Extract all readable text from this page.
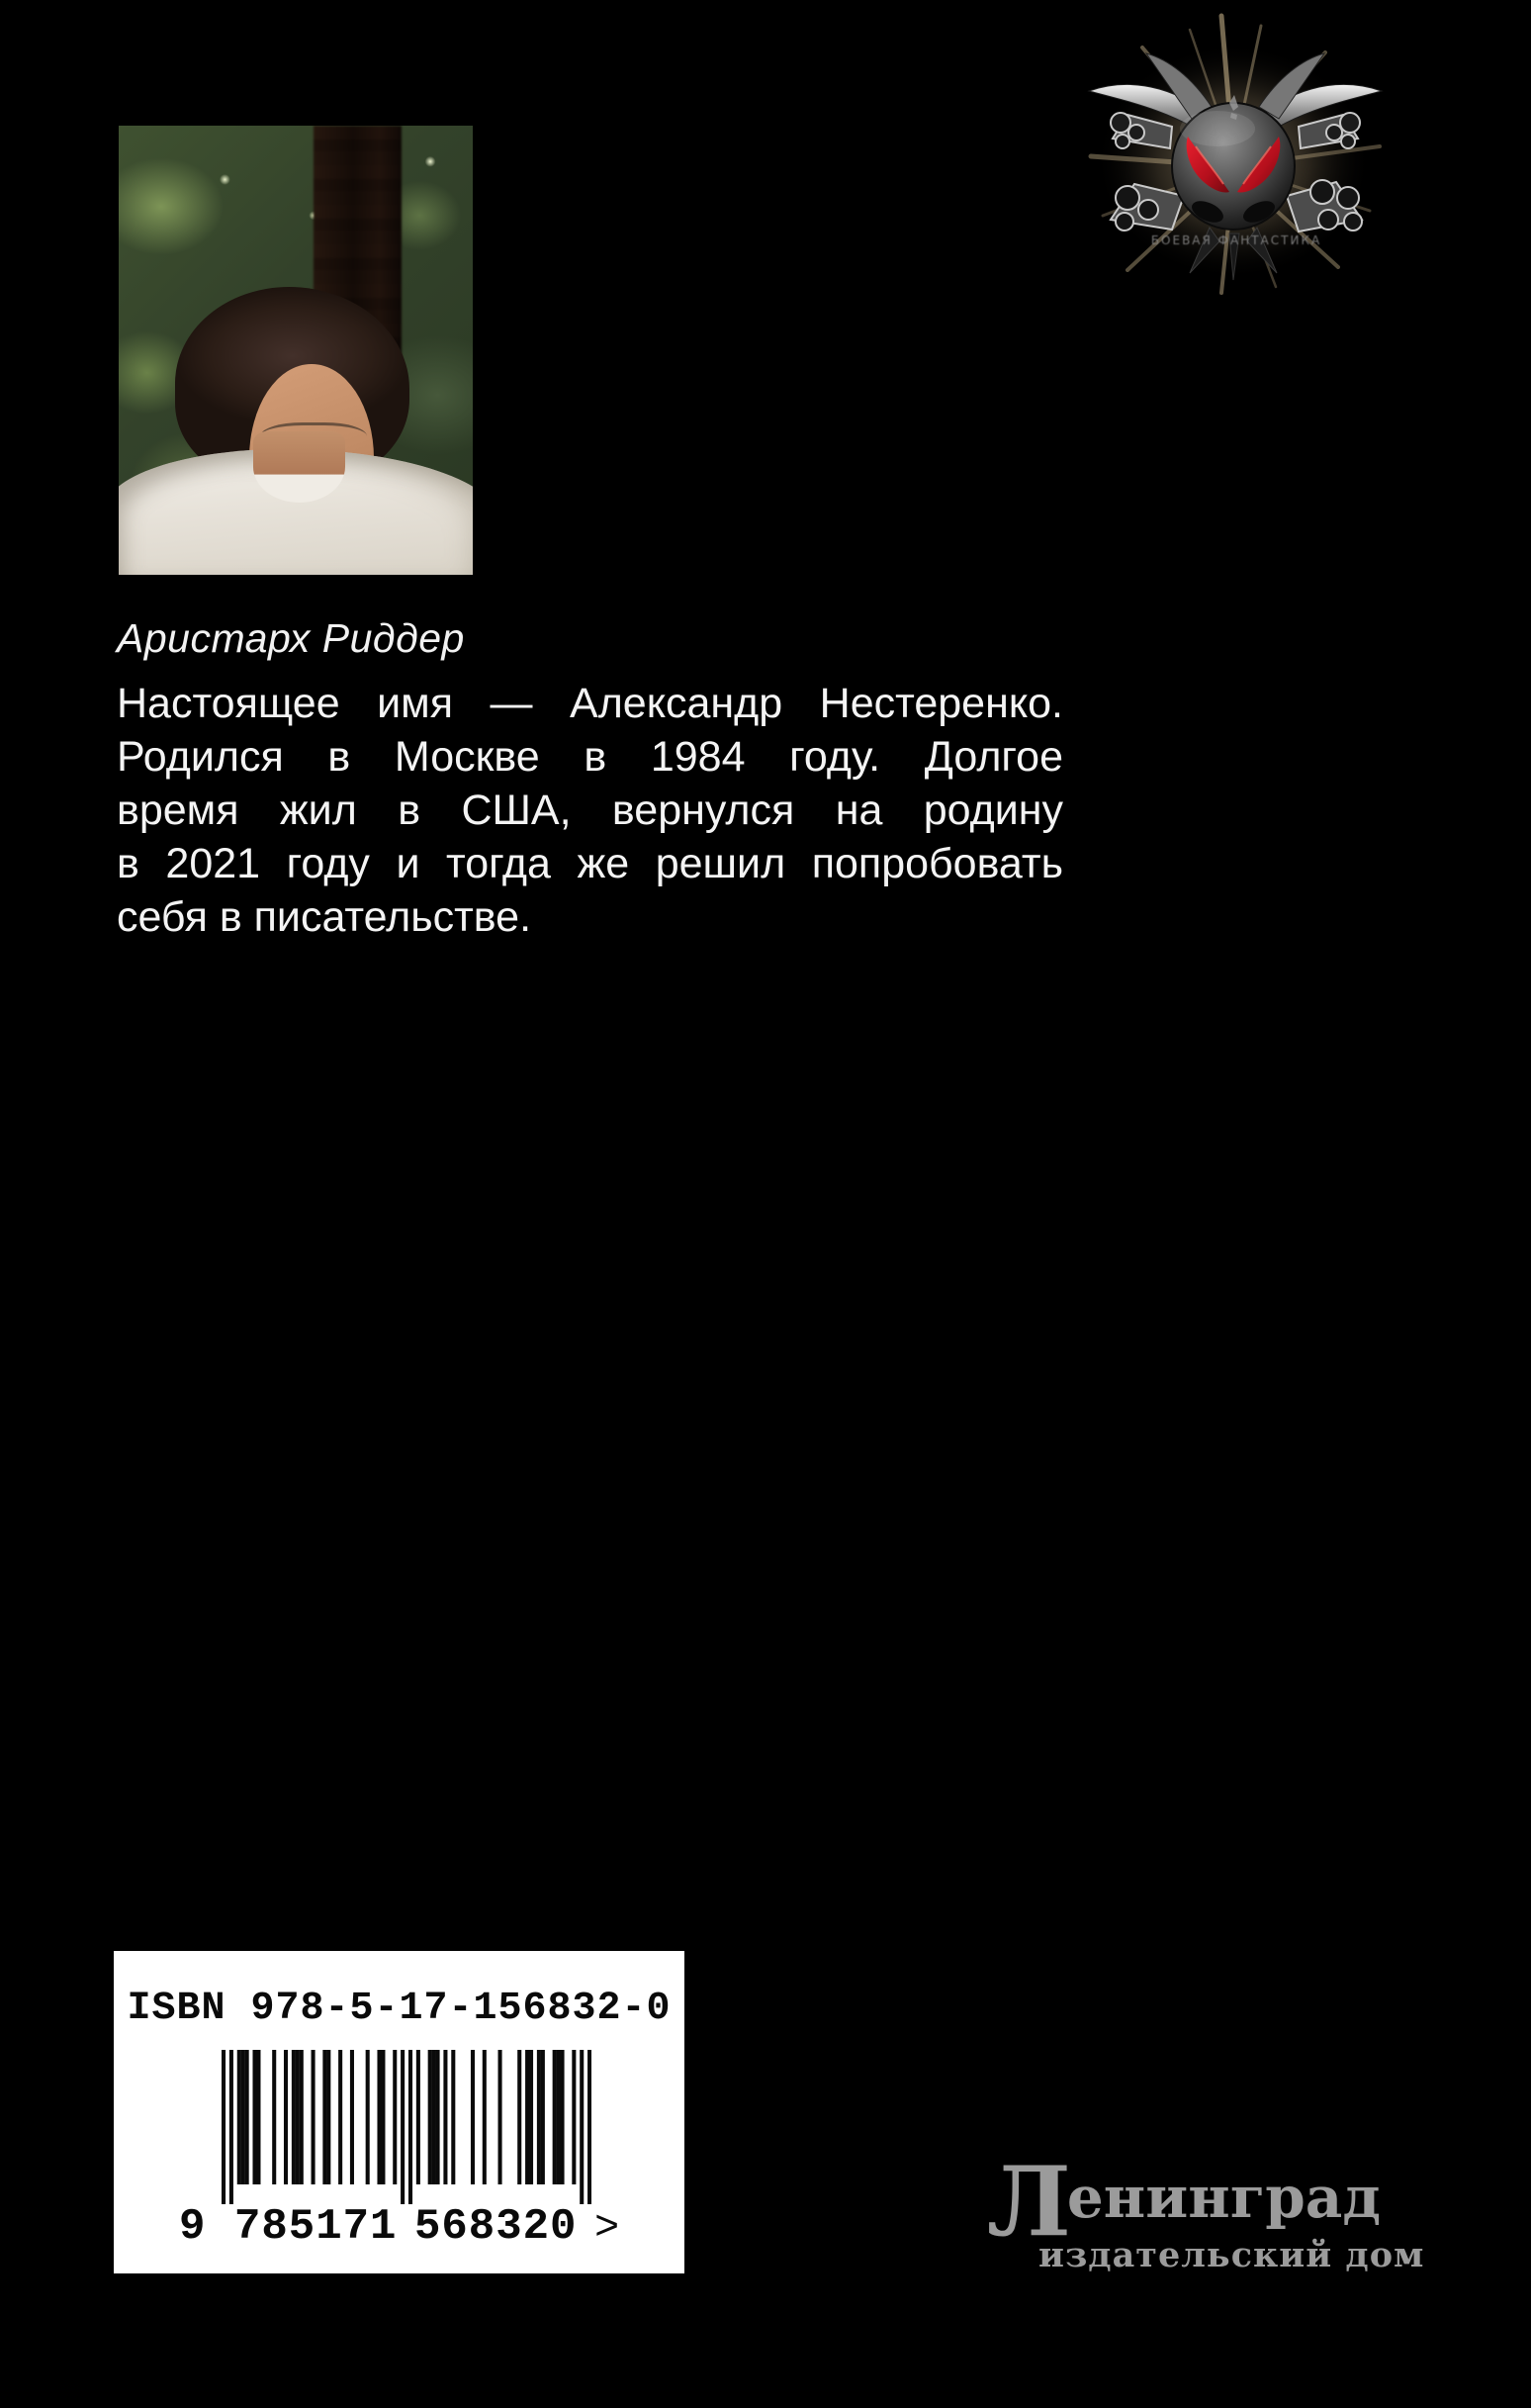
БОЕВАЯ ФАНТАСТИКА
Аристарх Риддер
Настоящее имя — Александр Нестеренко.
Родился в Москве в 1984 году. Долгое
время жил в США, вернулся на родину
в 2021 году и тогда же решил попробовать
себя в писательстве.
ISBN 978-5-17-156832-0
9 785171 568320 >	Ленинград
издательский дом
